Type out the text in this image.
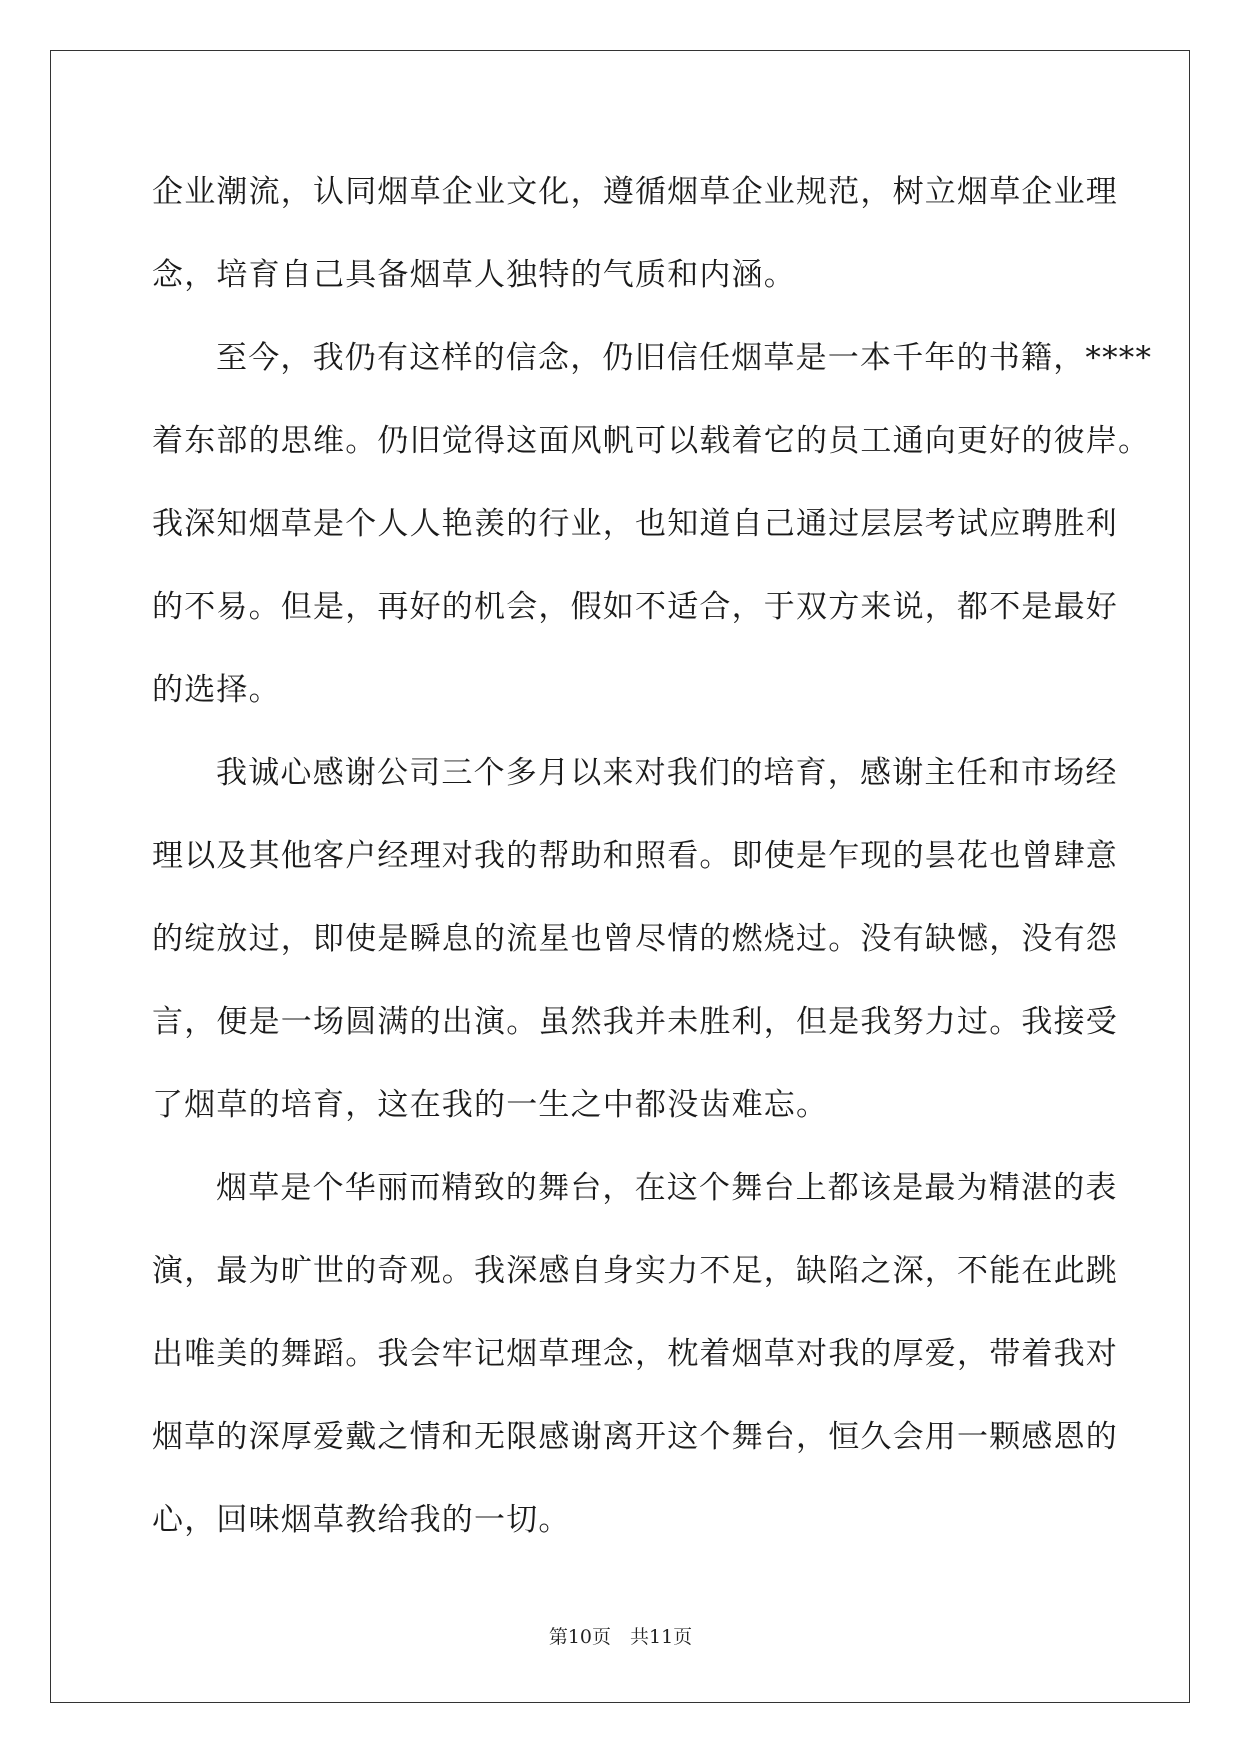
企业潮流，认同烟草企业文化，遵循烟草企业规范，树立烟草企业理
念，培育自己具备烟草人独特的气质和内涵。
至今，我仍有这样的信念，仍旧信任烟草是一本千年的书籍，****
着东部的思维。仍旧觉得这面风帆可以载着它的员工通向更好的彼岸。
我深知烟草是个人人艳羡的行业，也知道自己通过层层考试应聘胜利
的不易。但是，再好的机会，假如不适合，于双方来说，都不是最好
的选择。
我诚心感谢公司三个多月以来对我们的培育，感谢主任和市场经
理以及其他客户经理对我的帮助和照看。即使是乍现的昙花也曾肆意
的绽放过，即使是瞬息的流星也曾尽情的燃烧过。没有缺憾，没有怨
言，便是一场圆满的出演。虽然我并未胜利，但是我努力过。我接受
了烟草的培育，这在我的一生之中都没齿难忘。
烟草是个华丽而精致的舞台，在这个舞台上都该是最为精湛的表
演，最为旷世的奇观。我深感自身实力不足，缺陷之深，不能在此跳
出唯美的舞蹈。我会牢记烟草理念，枕着烟草对我的厚爱，带着我对
烟草的深厚爱戴之情和无限感谢离开这个舞台，恒久会用一颗感恩的
心，回味烟草教给我的一切。
第10页　共11页
